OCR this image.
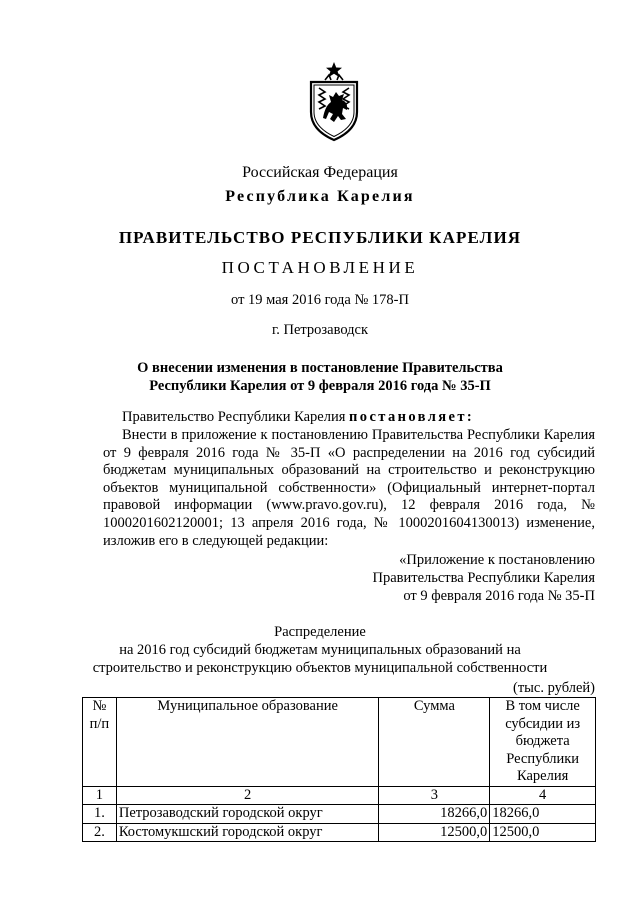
Российская Федерация
Республика Карелия
ПРАВИТЕЛЬСТВО РЕСПУБЛИКИ КАРЕЛИЯ
ПОСТАНОВЛЕНИЕ
от 19 мая 2016 года № 178-П
г. Петрозаводск
О внесении изменения в постановление Правительства
Республики Карелия от 9 февраля 2016 года № 35-П
Правительство Республики Карелия постановляет:
Внести в приложение к постановлению Правительства Республики Карелия от 9 февраля 2016 года № 35-П «О распределении на 2016 год субсидий бюджетам муниципальных образований на строительство и реконструкцию объектов муниципальной собственности» (Официальный интернет-портал правовой информации (www.pravo.gov.ru), 12 февраля 2016 года, № 1000201602120001; 13 апреля 2016 года, № 1000201604130013) изменение, изложив его в следующей редакции:
«Приложение к постановлению
Правительства Республики Карелия
от 9 февраля 2016 года № 35-П
Распределение
на 2016 год субсидий бюджетам муниципальных образований на
строительство и реконструкцию объектов муниципальной собственности
(тыс. рублей)
№ п/п	Муниципальное образование	Сумма	В том числе субсидии из бюджета Республики Карелия
1	2	3	4
1.	Петрозаводский городской округ	18266,0	18266,0
2.	Костомукшский городской округ	12500,0	12500,0
